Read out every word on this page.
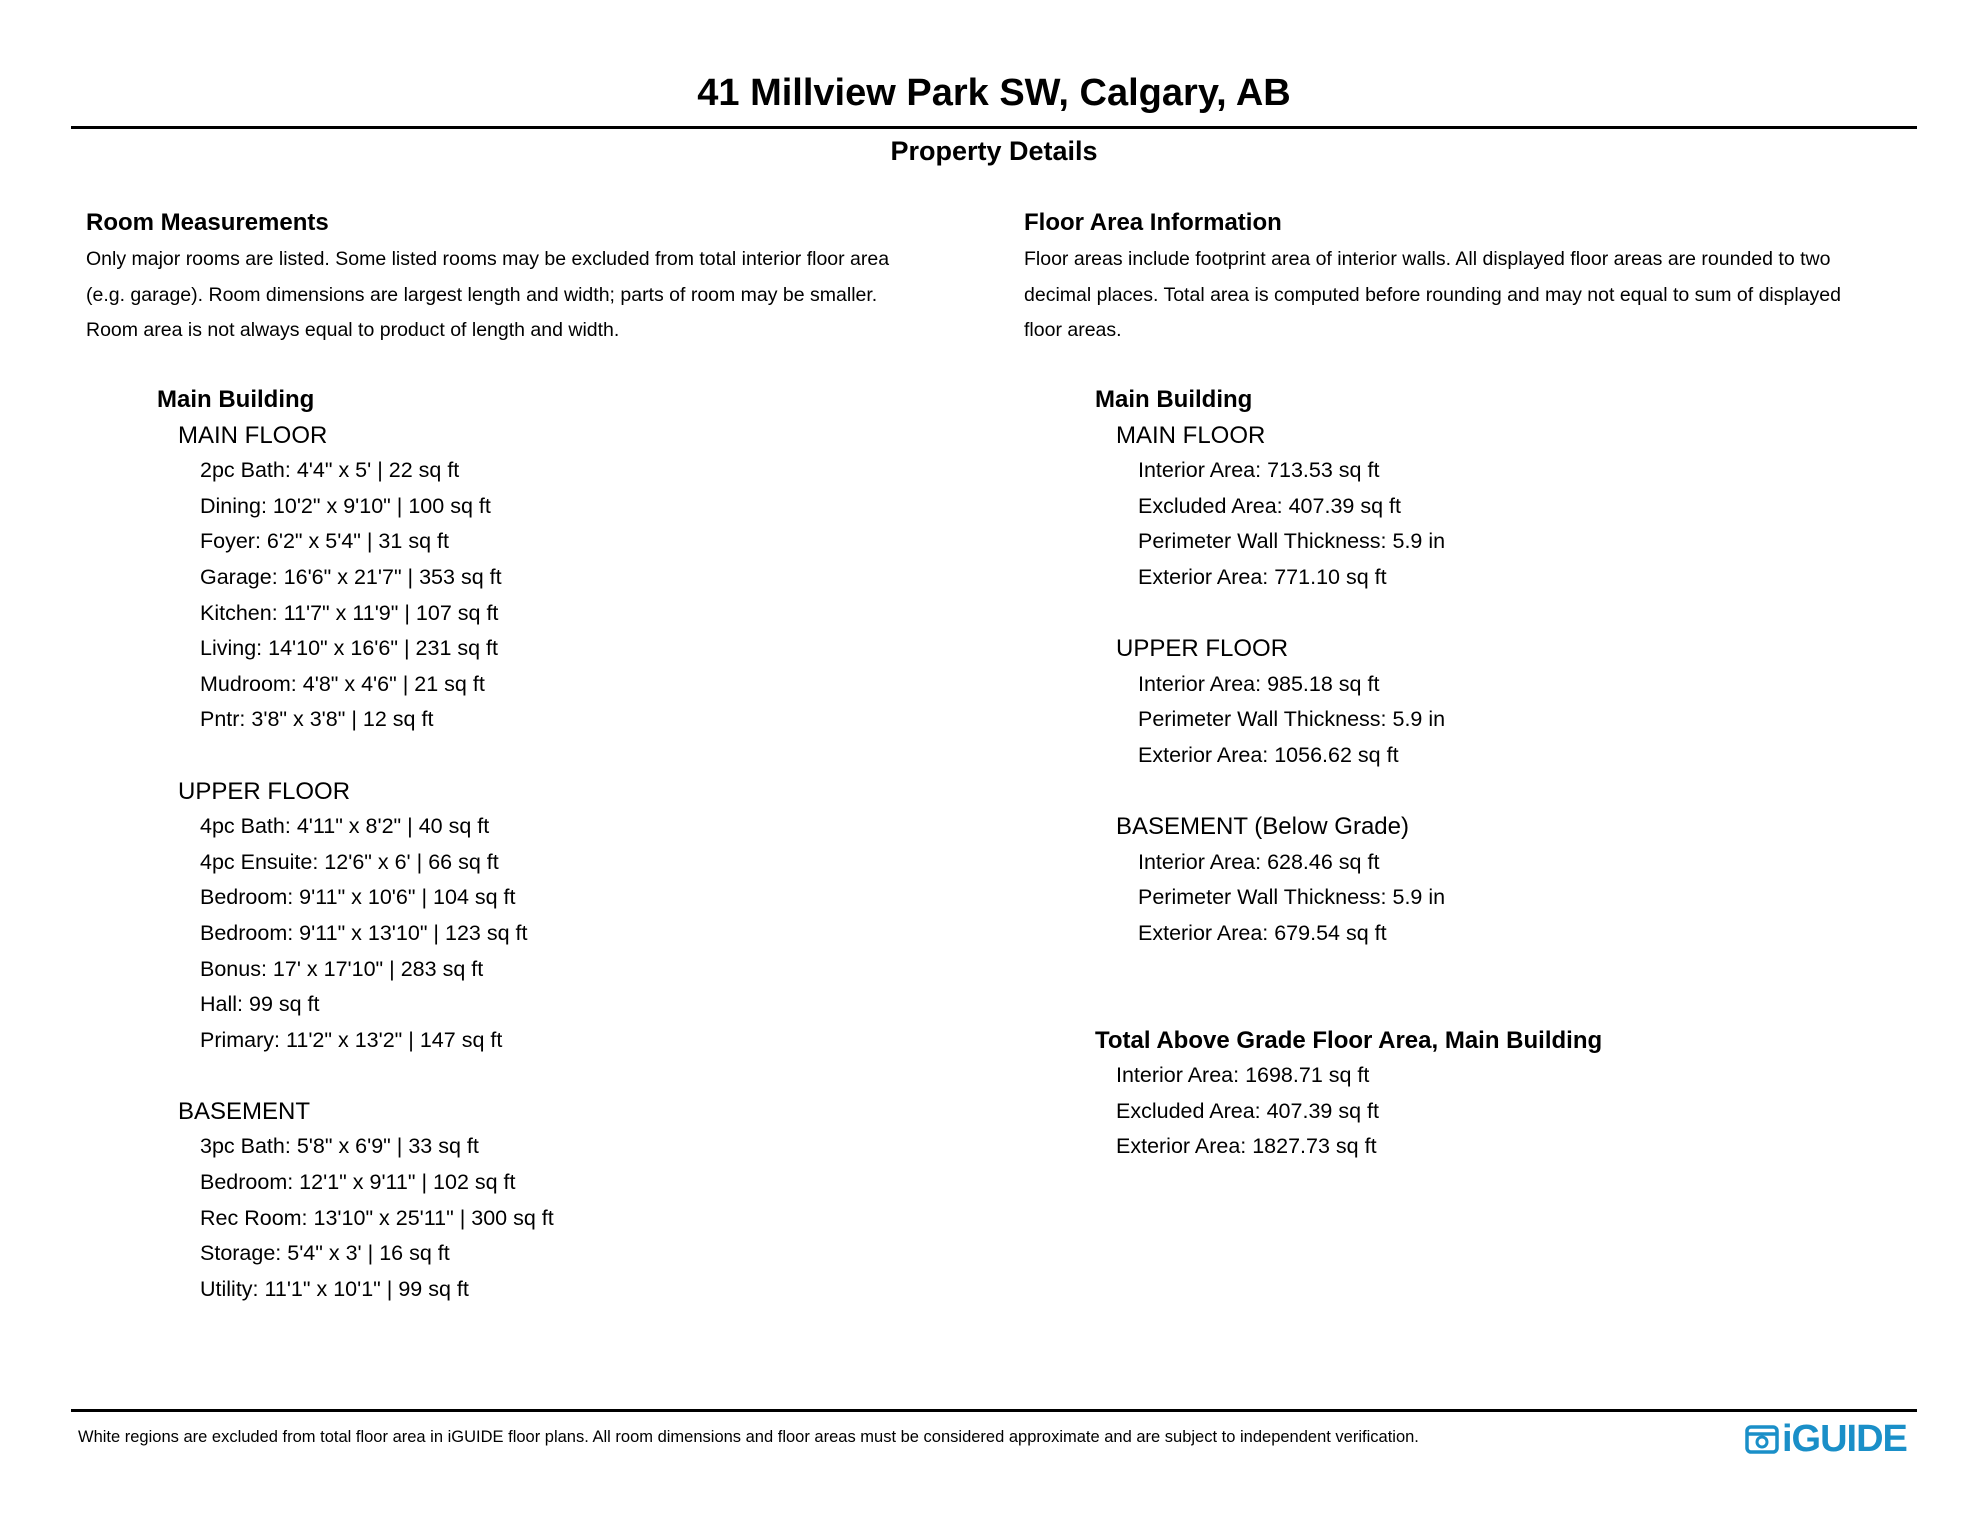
41 Millview Park SW, Calgary, AB
Property Details
Room Measurements
Only major rooms are listed. Some listed rooms may be excluded from total interior floor area
(e.g. garage). Room dimensions are largest length and width; parts of room may be smaller.
Room area is not always equal to product of length and width.
Main Building
MAIN FLOOR
2pc Bath: 4'4" x 5' | 22 sq ft
Dining: 10'2" x 9'10" | 100 sq ft
Foyer: 6'2" x 5'4" | 31 sq ft
Garage: 16'6" x 21'7" | 353 sq ft
Kitchen: 11'7" x 11'9" | 107 sq ft
Living: 14'10" x 16'6" | 231 sq ft
Mudroom: 4'8" x 4'6" | 21 sq ft
Pntr: 3'8" x 3'8" | 12 sq ft
UPPER FLOOR
4pc Bath: 4'11" x 8'2" | 40 sq ft
4pc Ensuite: 12'6" x 6' | 66 sq ft
Bedroom: 9'11" x 10'6" | 104 sq ft
Bedroom: 9'11" x 13'10" | 123 sq ft
Bonus: 17' x 17'10" | 283 sq ft
Hall: 99 sq ft
Primary: 11'2" x 13'2" | 147 sq ft
BASEMENT
3pc Bath: 5'8" x 6'9" | 33 sq ft
Bedroom: 12'1" x 9'11" | 102 sq ft
Rec Room: 13'10" x 25'11" | 300 sq ft
Storage: 5'4" x 3' | 16 sq ft
Utility: 11'1" x 10'1" | 99 sq ft
Floor Area Information
Floor areas include footprint area of interior walls. All displayed floor areas are rounded to two
decimal places. Total area is computed before rounding and may not equal to sum of displayed
floor areas.
Main Building
MAIN FLOOR
Interior Area: 713.53 sq ft
Excluded Area: 407.39 sq ft
Perimeter Wall Thickness: 5.9 in
Exterior Area: 771.10 sq ft
UPPER FLOOR
Interior Area: 985.18 sq ft
Perimeter Wall Thickness: 5.9 in
Exterior Area: 1056.62 sq ft
BASEMENT (Below Grade)
Interior Area: 628.46 sq ft
Perimeter Wall Thickness: 5.9 in
Exterior Area: 679.54 sq ft
Total Above Grade Floor Area, Main Building
Interior Area: 1698.71 sq ft
Excluded Area: 407.39 sq ft
Exterior Area: 1827.73 sq ft
White regions are excluded from total floor area in iGUIDE floor plans. All room dimensions and floor areas must be considered approximate and are subject to independent verification.	iGUIDE
